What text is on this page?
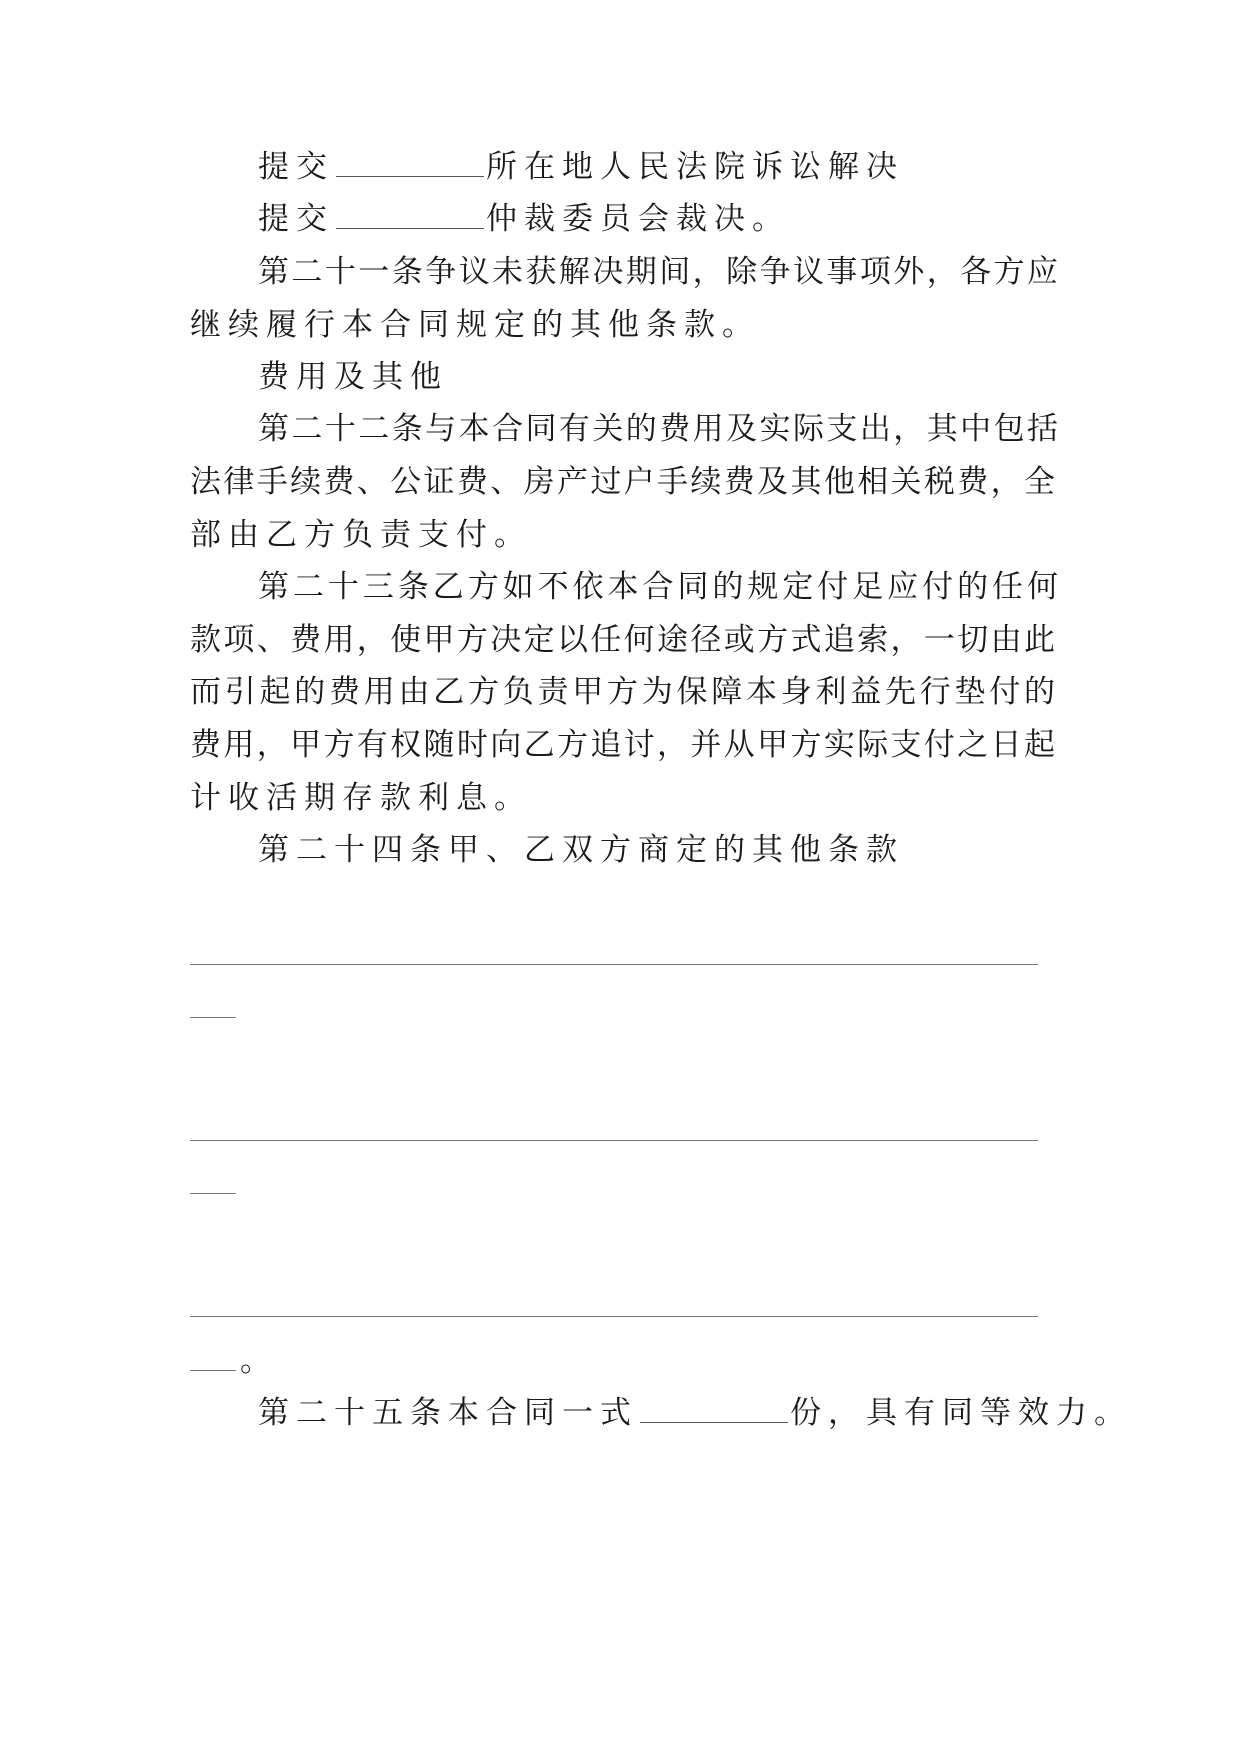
提交	所在地人民法院诉讼解决
提交	仲裁委员会裁决。
第二十一条争议未获解决期间，除争议事项外，各方应
继续履行本合同规定的其他条款。
费用及其他
第二十二条与本合同有关的费用及实际支出，其中包括
法律手续费、公证费、房产过户手续费及其他相关税费，全
部由乙方负责支付。
第二十三条乙方如不依本合同的规定付足应付的任何
款项、费用，使甲方决定以任何途径或方式追索，一切由此
而引起的费用由乙方负责甲方为保障本身利益先行垫付的
费用，甲方有权随时向乙方追讨，并从甲方实际支付之日起
计收活期存款利息。
第二十四条甲、乙双方商定的其他条款
。
第二十五条本合同一式	份，具有同等效力。
